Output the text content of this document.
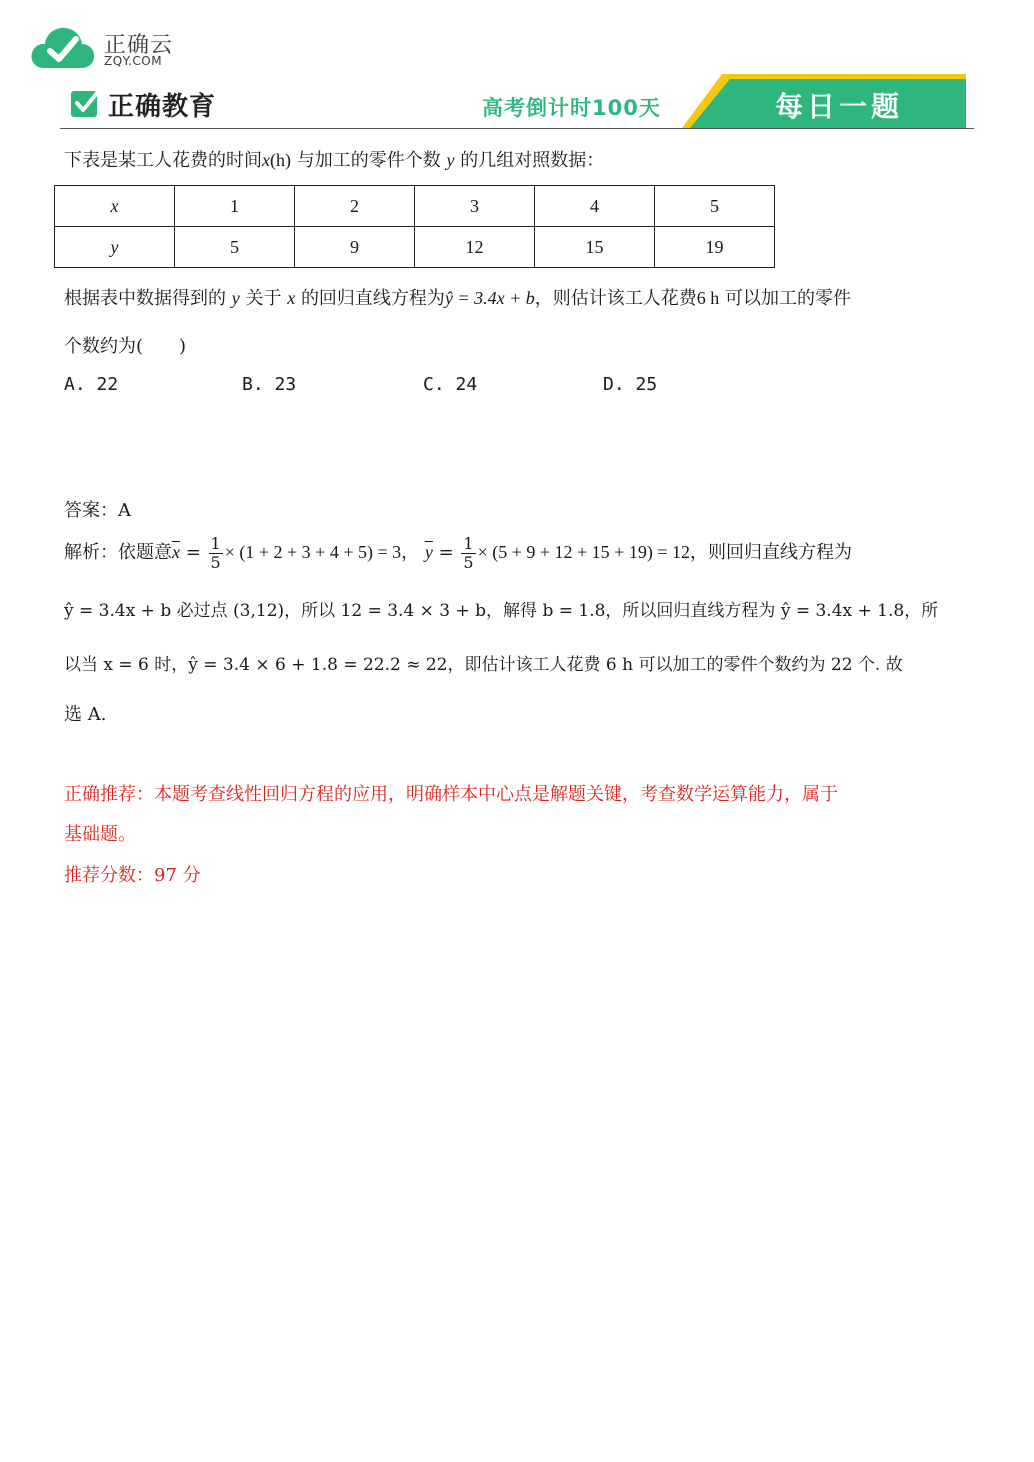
正确云
ZQY.COM
正确教育	高考倒计时100天	每日一题
下表是某工人花费的时间x(h) 与加工的零件个数 y 的几组对照数据：
x	1	2	3	4	5
y	5	9	12	15	19
根据表中数据得到的 y 关于 x 的回归直线方程为ŷ = 3.4x + b，则估计该工人花费6 h 可以加工的零件
个数约为(　　)
A. 22	B. 23	C. 24	D. 25
答案：A
解析：依题意$\overline{x} = \frac{1}{5} \times (1 + 2 + 3 + 4 + 5) = 3$， $\overline{y} = \frac{1}{5} \times (5 + 9 + 12 + 15 + 19) = 12$，则回归直线方程为
ŷ = 3.4x + b 必过点 (3,12)，所以 12 = 3.4 × 3 + b，解得 b = 1.8，所以回归直线方程为 ŷ = 3.4x + 1.8，所
以当 x = 6 时，ŷ = 3.4 × 6 + 1.8 = 22.2 ≈ 22，即估计该工人花费 6 h 可以加工的零件个数约为 22 个. 故
选 A.
正确推荐：本题考查线性回归方程的应用，明确样本中心点是解题关键，考查数学运算能力，属于
基础题。
推荐分数：97 分
